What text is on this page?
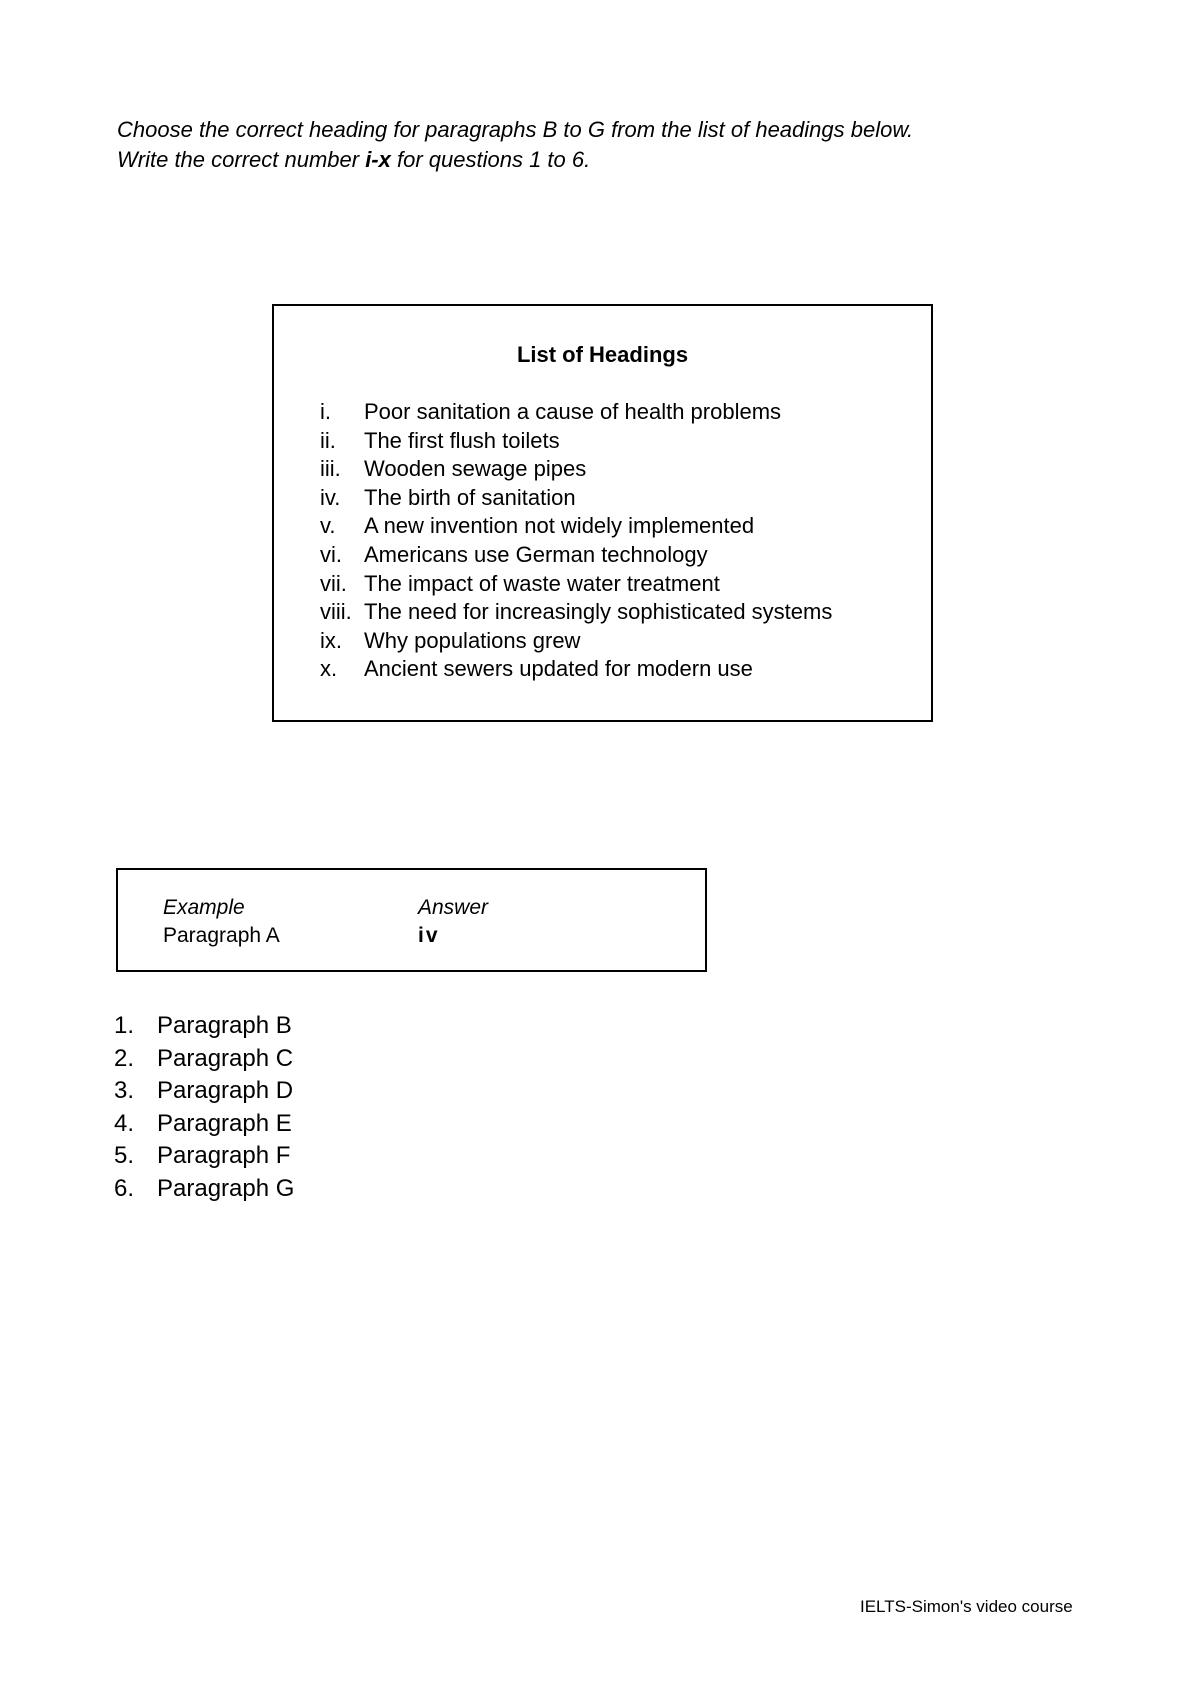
Choose the correct heading for paragraphs B to G from the list of headings below.
Write the correct number i-x for questions 1 to 6.
List of Headings
i. Poor sanitation a cause of health problems
ii. The first flush toilets
iii. Wooden sewage pipes
iv. The birth of sanitation
v. A new invention not widely implemented
vi. Americans use German technology
vii. The impact of waste water treatment
viii. The need for increasingly sophisticated systems
ix. Why populations grew
x. Ancient sewers updated for modern use
Example
Paragraph A
Answer
iv
1. Paragraph B
2. Paragraph C
3. Paragraph D
4. Paragraph E
5. Paragraph F
6. Paragraph G
IELTS-Simon's video course
